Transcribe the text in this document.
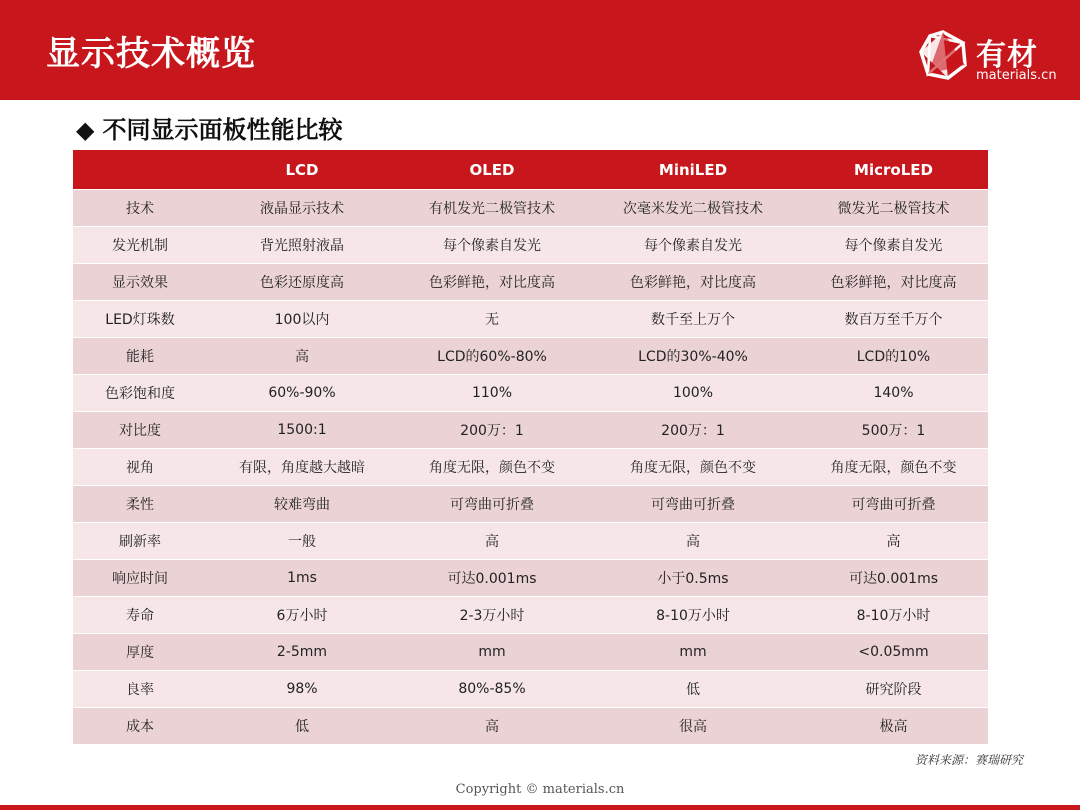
显示技术概览	有材
materials.cn
◆ 不同显示面板性能比较
	LCD	OLED	MiniLED	MicroLED
技术	液晶显示技术	有机发光二极管技术	次毫米发光二极管技术	微发光二极管技术
发光机制	背光照射液晶	每个像素自发光	每个像素自发光	每个像素自发光
显示效果	色彩还原度高	色彩鲜艳，对比度高	色彩鲜艳，对比度高	色彩鲜艳，对比度高
LED灯珠数	100以内	无	数千至上万个	数百万至千万个
能耗	高	LCD的60%-80%	LCD的30%-40%	LCD的10%
色彩饱和度	60%-90%	110%	100%	140%
对比度	1500:1	200万：1	200万：1	500万：1
视角	有限，角度越大越暗	角度无限，颜色不变	角度无限，颜色不变	角度无限，颜色不变
柔性	较难弯曲	可弯曲可折叠	可弯曲可折叠	可弯曲可折叠
刷新率	一般	高	高	高
响应时间	1ms	可达0.001ms	小于0.5ms	可达0.001ms
寿命	6万小时	2-3万小时	8-10万小时	8-10万小时
厚度	2-5mm	mm	mm	<0.05mm
良率	98%	80%-85%	低	研究阶段
成本	低	高	很高	极高
资料来源：赛瑞研究
Copyright © materials.cn
